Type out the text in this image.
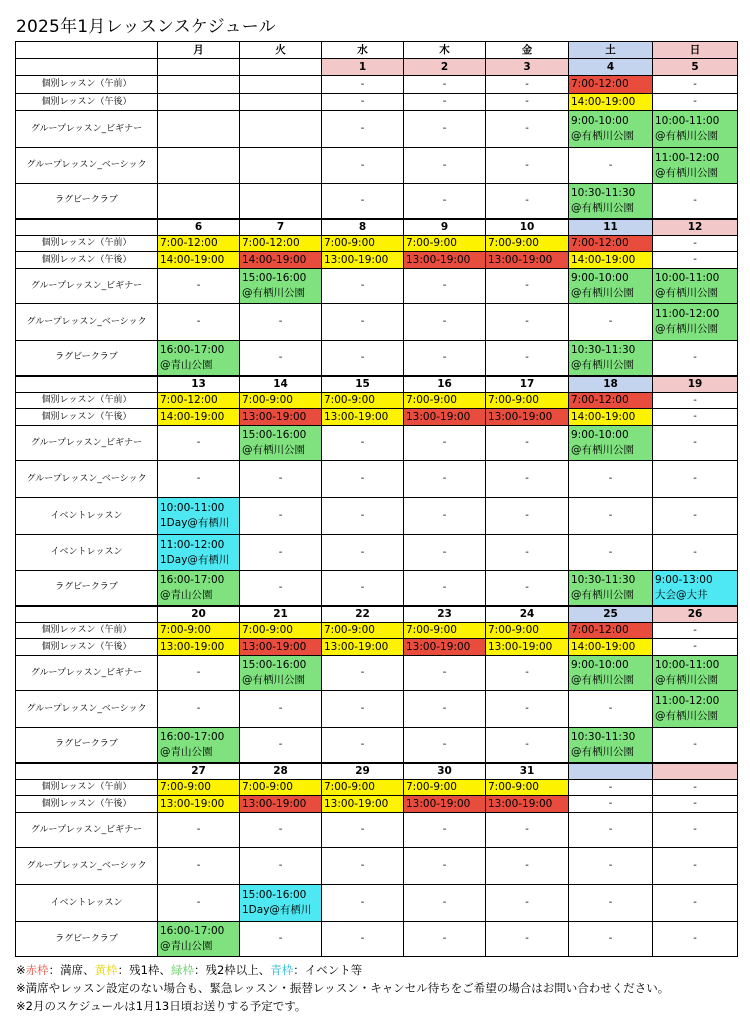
2025年1月レッスンスケジュール
	月	火	水	木	金	土	日
			1	2	3	4	5
個別レッスン（午前）			-	-	-	7:00-12:00	-
個別レッスン（午後）			-	-	-	14:00-19:00	-
グループレッスン_ビギナー			-	-	-	9:00-10:00
@有栖川公園	10:00-11:00
@有栖川公園
グループレッスン_ベーシック			-	-	-	-	11:00-12:00
@有栖川公園
ラグビークラブ			-	-	-	10:30-11:30
@有栖川公園	-
	6	7	8	9	10	11	12
個別レッスン（午前）	7:00-12:00	7:00-12:00	7:00-9:00	7:00-9:00	7:00-9:00	7:00-12:00	-
個別レッスン（午後）	14:00-19:00	14:00-19:00	13:00-19:00	13:00-19:00	13:00-19:00	14:00-19:00	-
グループレッスン_ビギナー	-	15:00-16:00
@有栖川公園	-	-	-	9:00-10:00
@有栖川公園	10:00-11:00
@有栖川公園
グループレッスン_ベーシック	-	-	-	-	-	-	11:00-12:00
@有栖川公園
ラグビークラブ	16:00-17:00
@青山公園	-	-	-	-	10:30-11:30
@有栖川公園	-
	13	14	15	16	17	18	19
個別レッスン（午前）	7:00-12:00	7:00-9:00	7:00-9:00	7:00-9:00	7:00-9:00	7:00-12:00	-
個別レッスン（午後）	14:00-19:00	13:00-19:00	13:00-19:00	13:00-19:00	13:00-19:00	14:00-19:00	-
グループレッスン_ビギナー	-	15:00-16:00
@有栖川公園	-	-	-	9:00-10:00
@有栖川公園	-
グループレッスン_ベーシック	-	-	-	-	-	-	-
イベントレッスン	10:00-11:00
1Day@有栖川	-	-	-	-	-	-
イベントレッスン	11:00-12:00
1Day@有栖川	-	-	-	-	-	-
ラグビークラブ	16:00-17:00
@青山公園	-	-	-	-	10:30-11:30
@有栖川公園	9:00-13:00
大会@大井
	20	21	22	23	24	25	26
個別レッスン（午前）	7:00-9:00	7:00-9:00	7:00-9:00	7:00-9:00	7:00-9:00	7:00-12:00	-
個別レッスン（午後）	13:00-19:00	13:00-19:00	13:00-19:00	13:00-19:00	13:00-19:00	14:00-19:00	-
グループレッスン_ビギナー	-	15:00-16:00
@有栖川公園	-	-	-	9:00-10:00
@有栖川公園	10:00-11:00
@有栖川公園
グループレッスン_ベーシック	-	-	-	-	-	-	11:00-12:00
@有栖川公園
ラグビークラブ	16:00-17:00
@青山公園	-	-	-	-	10:30-11:30
@有栖川公園	-
	27	28	29	30	31		
個別レッスン（午前）	7:00-9:00	7:00-9:00	7:00-9:00	7:00-9:00	7:00-9:00	-	-
個別レッスン（午後）	13:00-19:00	13:00-19:00	13:00-19:00	13:00-19:00	13:00-19:00	-	-
グループレッスン_ビギナー	-	-	-	-	-	-	-
グループレッスン_ベーシック	-	-	-	-	-	-	-
イベントレッスン	-	15:00-16:00
1Day@有栖川	-	-	-	-	-
ラグビークラブ	16:00-17:00
@青山公園	-	-	-	-	-	-
※赤枠：満席、黄枠：残1枠、緑枠：残2枠以上、青枠：イベント等
※満席やレッスン設定のない場合も、緊急レッスン・振替レッスン・キャンセル待ちをご希望の場合はお問い合わせください。
※2月のスケジュールは1月13日頃お送りする予定です。
